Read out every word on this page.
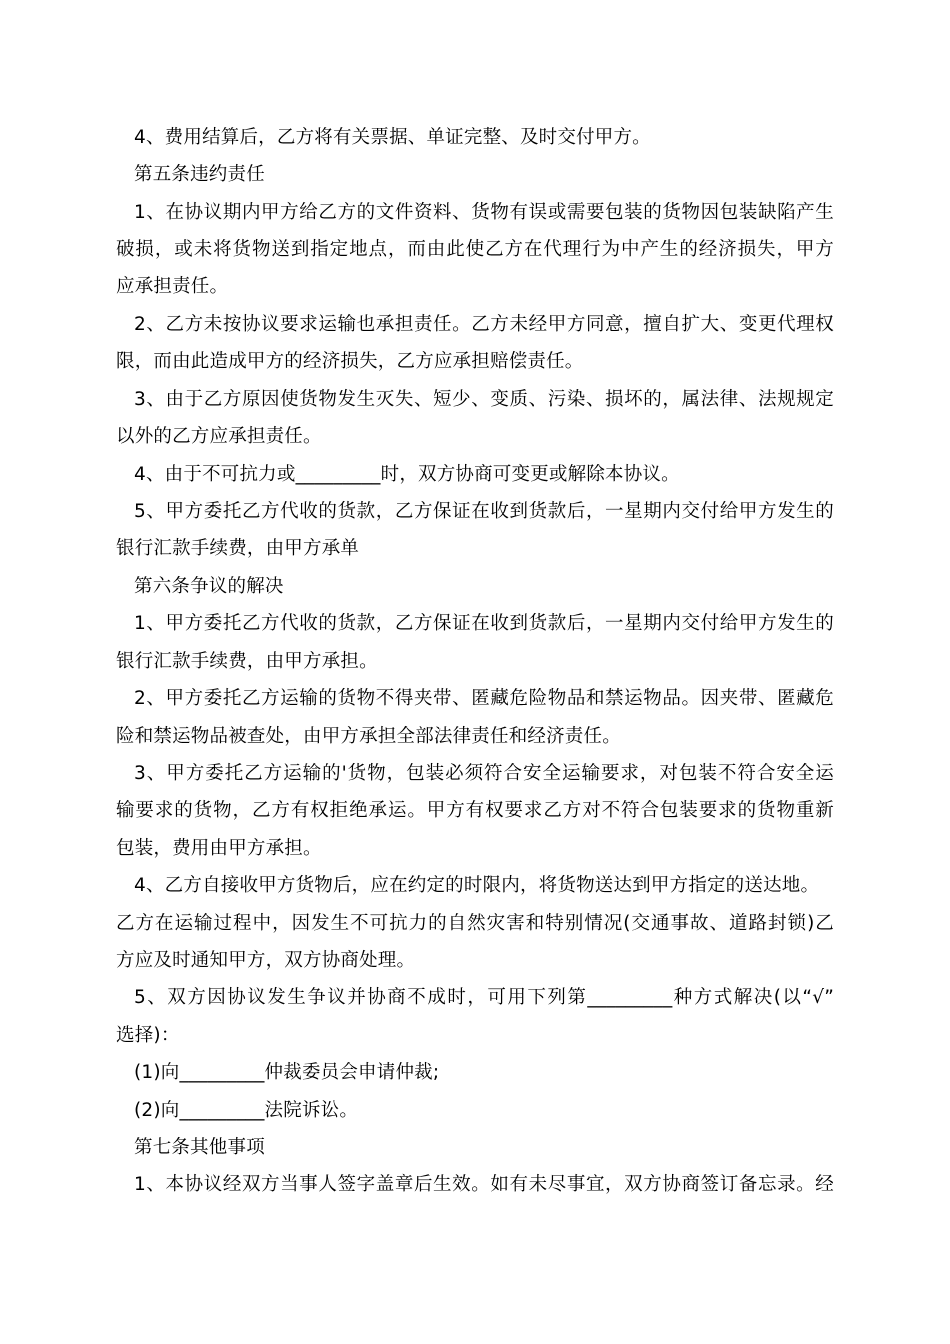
4、费用结算后，乙方将有关票据、单证完整、及时交付甲方。
第五条违约责任
1、在协议期内甲方给乙方的文件资料、货物有误或需要包装的货物因包装缺陷产生
破损，或未将货物送到指定地点，而由此使乙方在代理行为中产生的经济损失，甲方
应承担责任。
2、乙方未按协议要求运输也承担责任。乙方未经甲方同意，擅自扩大、变更代理权
限，而由此造成甲方的经济损失，乙方应承担赔偿责任。
3、由于乙方原因使货物发生灭失、短少、变质、污染、损坏的，属法律、法规规定
以外的乙方应承担责任。
4、由于不可抗力或_________时，双方协商可变更或解除本协议。
5、甲方委托乙方代收的货款，乙方保证在收到货款后，一星期内交付给甲方发生的
银行汇款手续费，由甲方承单
第六条争议的解决
1、甲方委托乙方代收的货款，乙方保证在收到货款后，一星期内交付给甲方发生的
银行汇款手续费，由甲方承担。
2、甲方委托乙方运输的货物不得夹带、匿藏危险物品和禁运物品。因夹带、匿藏危
险和禁运物品被查处，由甲方承担全部法律责任和经济责任。
3、甲方委托乙方运输的'货物，包装必须符合安全运输要求，对包装不符合安全运
输要求的货物，乙方有权拒绝承运。甲方有权要求乙方对不符合包装要求的货物重新
包装，费用由甲方承担。
4、乙方自接收甲方货物后，应在约定的时限内，将货物送达到甲方指定的送达地。
乙方在运输过程中，因发生不可抗力的自然灾害和特别情况(交通事故、道路封锁)乙
方应及时通知甲方，双方协商处理。
5、双方因协议发生争议并协商不成时，可用下列第_________种方式解决(以“√”
选择)：
(1)向_________仲裁委员会申请仲裁;
(2)向_________法院诉讼。
第七条其他事项
1、本协议经双方当事人签字盖章后生效。如有未尽事宜，双方协商签订备忘录。经
